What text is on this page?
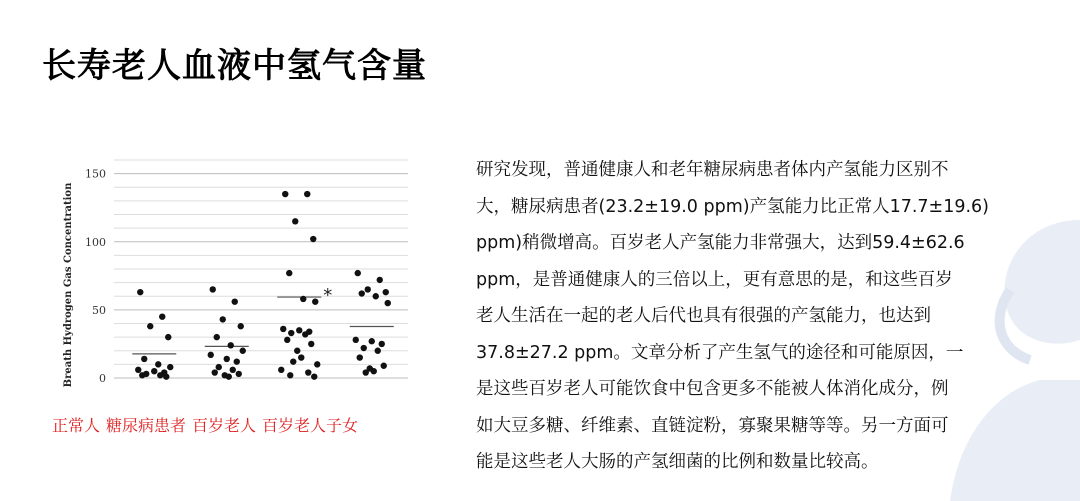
长寿老人血液中氢气含量
0
50
100
150
Breath Hydrogen Gas Concentration	*
正常人 糖尿病患者 百岁老人 百岁老人子女
研究发现，普通健康人和老年糖尿病患者体内产氢能力区别不
大，糖尿病患者(23.2±19.0 ppm)产氢能力比正常人17.7±19.6)
ppm)稍微增高。百岁老人产氢能力非常强大，达到59.4±62.6
ppm，是普通健康人的三倍以上，更有意思的是，和这些百岁
老人生活在一起的老人后代也具有很强的产氢能力，也达到
37.8±27.2 ppm。文章分析了产生氢气的途径和可能原因，一
是这些百岁老人可能饮食中包含更多不能被人体消化成分，例
如大豆多糖、纤维素、直链淀粉，寡聚果糖等等。另一方面可
能是这些老人大肠的产氢细菌的比例和数量比较高。
